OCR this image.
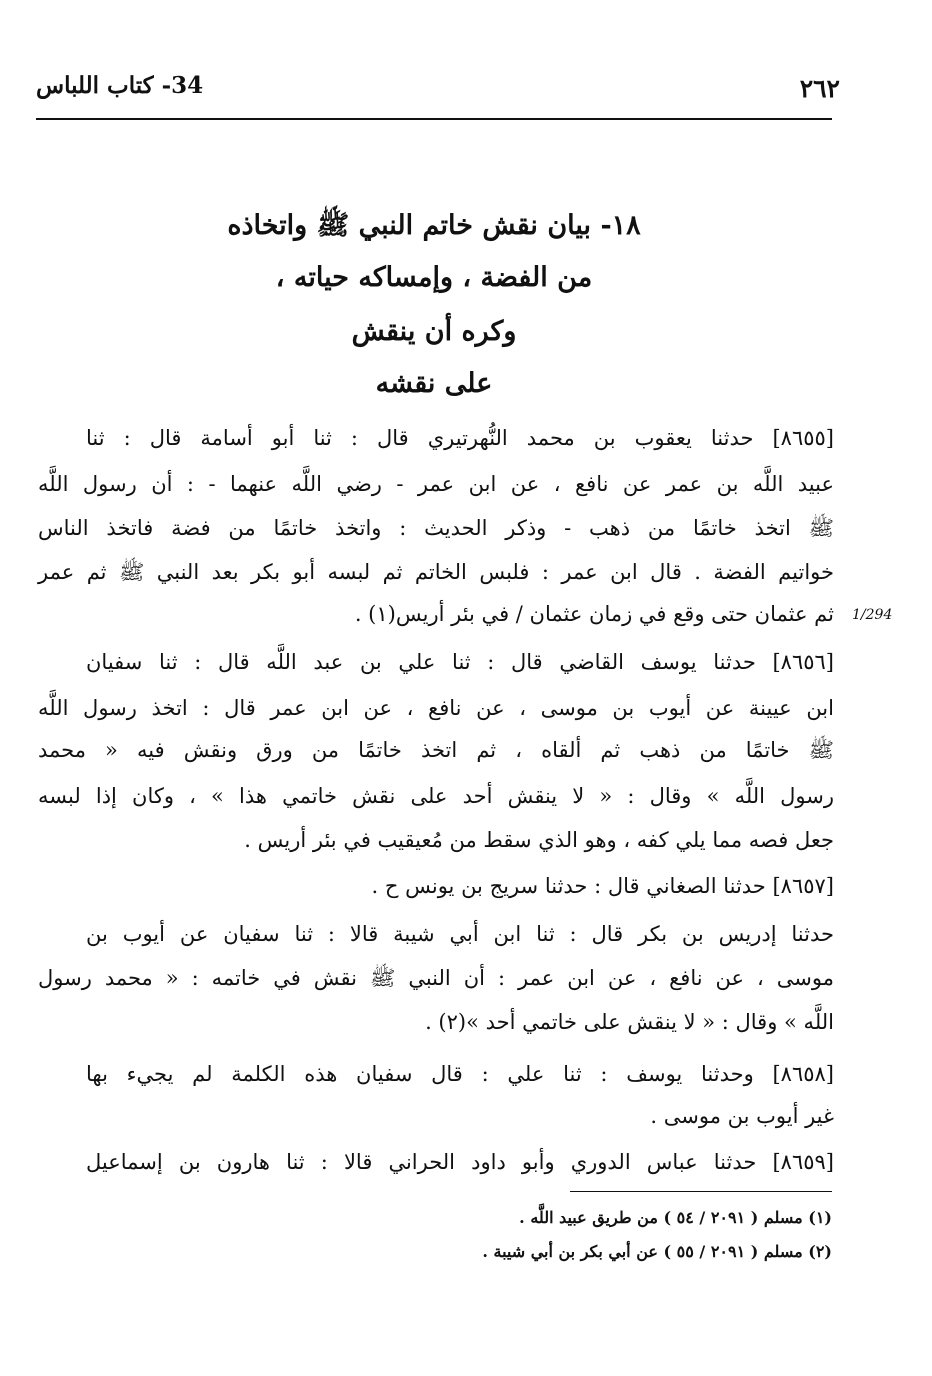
٢٦٢
34- كتاب اللباس
١٨- بيان نقش خاتم النبي ﷺ واتخاذه
من الفضة ، وإمساكه حياته ،
وكره أن ينقش
على نقشه
1/294
[٨٦٥٥] حدثنا يعقوب بن محمد النُّهرتيري قال : ثنا أبو أسامة قال : ثنا
عبيد اللَّه بن عمر عن نافع ، عن ابن عمر - رضي اللَّه عنهما - : أن رسول اللَّه
ﷺ اتخذ خاتمًا من ذهب - وذكر الحديث : واتخذ خاتمًا من فضة فاتخذ الناس
خواتيم الفضة . قال ابن عمر : فلبس الخاتم ثم لبسه أبو بكر بعد النبي ﷺ ثم عمر
ثم عثمان حتى وقع في زمان عثمان / في بئر أريس(١) .
[٨٦٥٦] حدثنا يوسف القاضي قال : ثنا علي بن عبد اللَّه قال : ثنا سفيان
ابن عيينة عن أيوب بن موسى ، عن نافع ، عن ابن عمر قال : اتخذ رسول اللَّه
ﷺ خاتمًا من ذهب ثم ألقاه ، ثم اتخذ خاتمًا من ورق ونقش فيه « محمد
رسول اللَّه » وقال : « لا ينقش أحد على نقش خاتمي هذا » ، وكان إذا لبسه
جعل فصه مما يلي كفه ، وهو الذي سقط من مُعيقيب في بئر أريس .
[٨٦٥٧] حدثنا الصغاني قال : حدثنا سريج بن يونس ح .
حدثنا إدريس بن بكر قال : ثنا ابن أبي شيبة قالا : ثنا سفيان عن أيوب بن
موسى ، عن نافع ، عن ابن عمر : أن النبي ﷺ نقش في خاتمه : « محمد رسول
اللَّه » وقال : « لا ينقش على خاتمي أحد »(٢) .
[٨٦٥٨] وحدثنا يوسف : ثنا علي : قال سفيان هذه الكلمة لم يجيء بها
غير أيوب بن موسى .
[٨٦٥٩] حدثنا عباس الدوري وأبو داود الحراني قالا : ثنا هارون بن إسماعيل
(١) مسلم ( ٢٠٩١ / ٥٤ ) من طريق عبيد اللَّه .
(٢) مسلم ( ٢٠٩١ / ٥٥ ) عن أبي بكر بن أبي شيبة .
